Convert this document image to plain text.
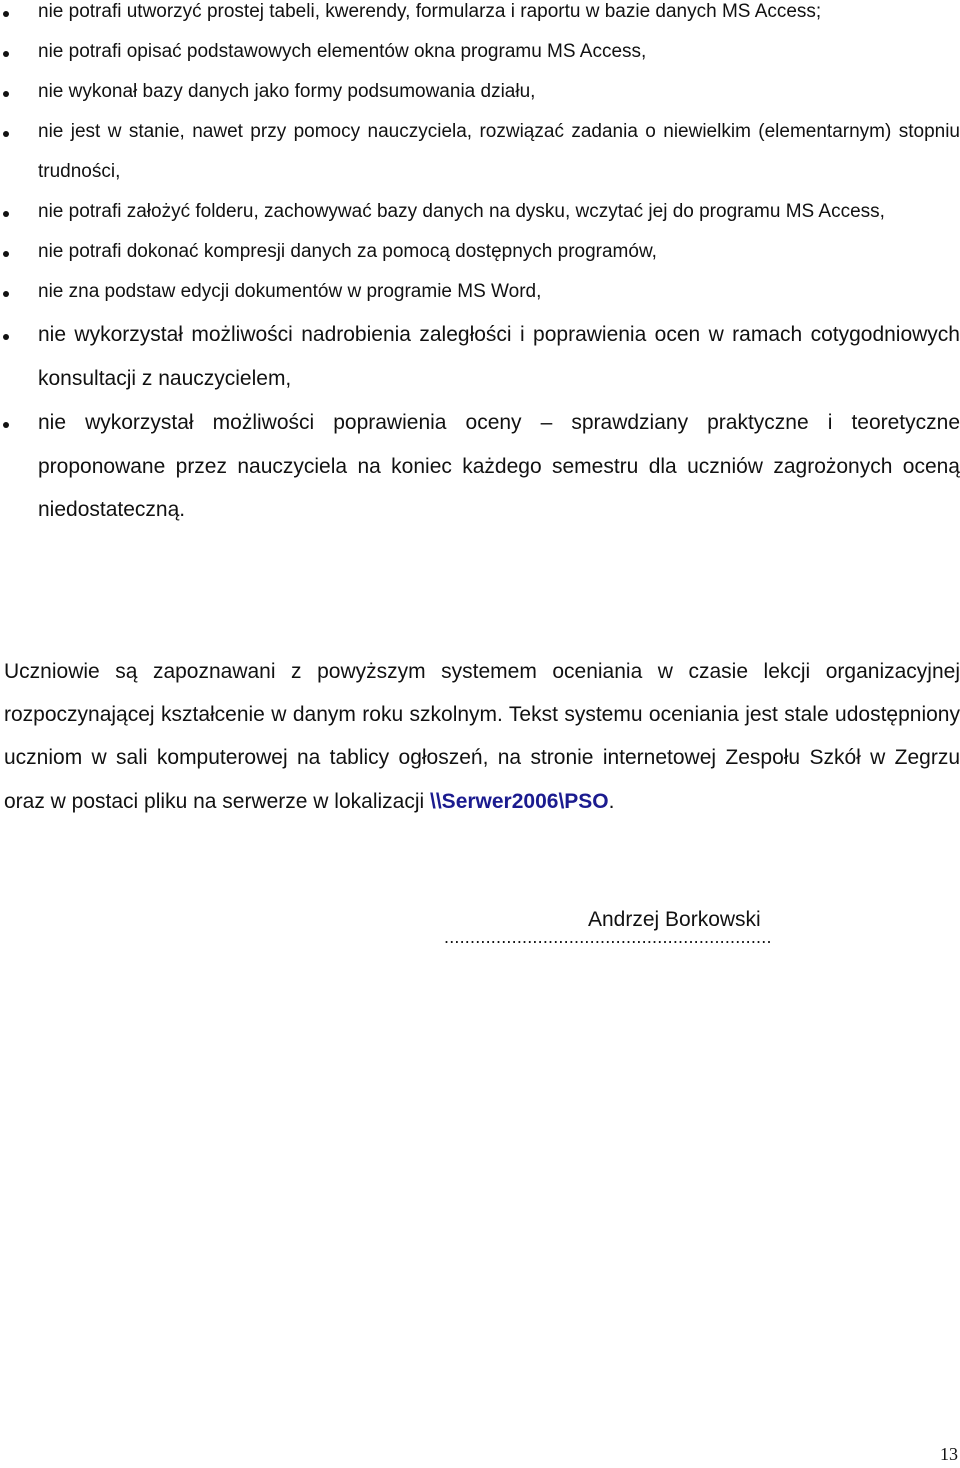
nie potrafi utworzyć prostej tabeli, kwerendy, formularza i raportu w bazie danych MS Access;
nie potrafi opisać podstawowych elementów okna programu MS Access,
nie wykonał bazy danych jako formy podsumowania działu,
nie jest w stanie, nawet przy pomocy nauczyciela, rozwiązać zadania o niewielkim (elementarnym) stopniu trudności,
nie potrafi założyć folderu, zachowywać bazy danych na dysku, wczytać jej do programu MS Access,
nie potrafi dokonać kompresji danych za pomocą dostępnych programów,
nie zna podstaw edycji dokumentów w programie MS Word,
nie wykorzystał możliwości nadrobienia zaległości i poprawienia ocen w ramach cotygodniowych konsultacji z nauczycielem,
nie wykorzystał możliwości poprawienia oceny – sprawdziany praktyczne i teoretyczne proponowane przez nauczyciela na koniec każdego semestru dla uczniów zagrożonych oceną niedostateczną.

Uczniowie są zapoznawani z powyższym systemem oceniania w czasie lekcji organizacyjnej rozpoczynającej kształcenie w danym roku szkolnym. Tekst systemu oceniania jest stale udostępniony uczniom w sali komputerowej na tablicy ogłoszeń, na stronie internetowej Zespołu Szkół w Zegrzu oraz w postaci pliku na serwerze w lokalizacji \\Serwer2006\PSO.

Andrzej Borkowski
...............................................................
13
